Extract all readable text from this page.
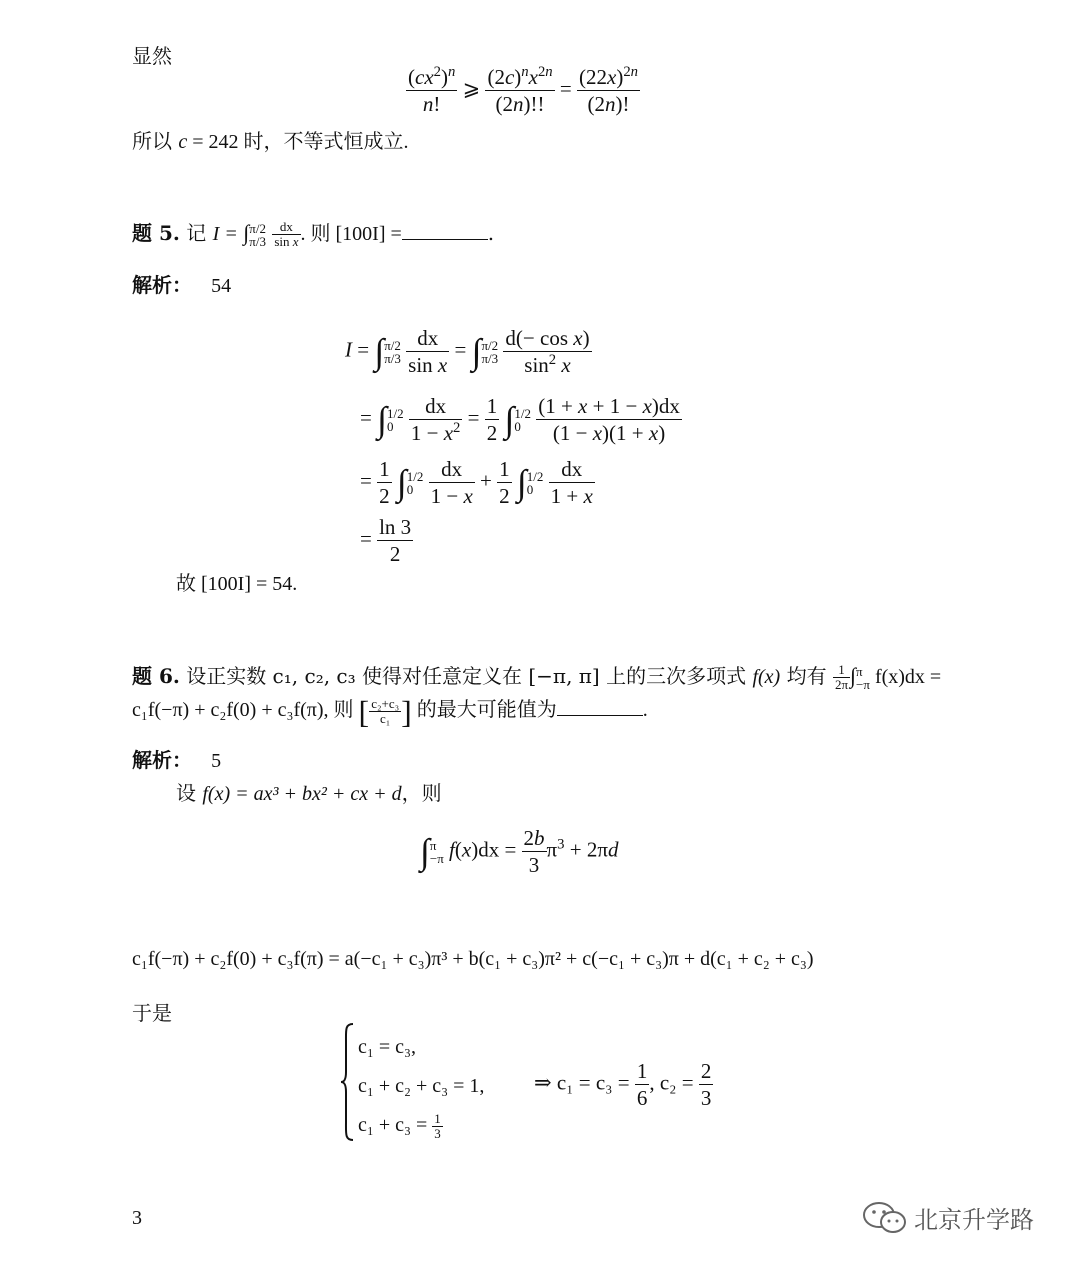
显然
$\frac{(cx^2)^n}{n!}$ ⩾ $\frac{(2c)^nx^{2n}}{(2n)!!} = \frac{(22x)^{2n}}{(2n)!}$
所以 c = 242 时，不等式恒成立.
题 5. 记 I = ∫ π/2
π/3
$\frac{dx}{\text{sin x}}$ . 则 [100I] =	.
解析： 54
I = ∫ π/2
π/3
$\frac{dx}{\text{sin x}}$ = ∫ π/2
π/3
$\frac{\text{d(− cos x)}}{\sin^2 x}$
= ∫ 1/2
0
$\frac{dx}{1 - x^2} = \frac{1}{2}$ ∫ 1/2
0
$\frac{(1 + x + 1 - x)dx}{(1 - x)(1 + x)}$
= $\frac{1}{2}$ ∫ 1/2
0
$\frac{dx}{1 - x} + \frac{1}{2}$ ∫ 1/2
0
$\frac{dx}{1 + x}$
= $\frac{\ln 3}{2}$
故 [100I] = 54.
题 6. 设正实数 c₁, c₂, c₃ 使得对任意定义在 [−π, π] 上的三次多项式 f(x) 均有 $\frac{1}{2\pi}$ ∫ π
−π f(x)dx =
c₁f(−π) + c₂f(0) + c₃f(π), 则 [ $\frac{\text{c₂+c₃}}{\text{c₁}}$ ] 的最大可能值为	.
解析： 5
设 f(x) = ax³ + bx² + cx + d，则
∫ π
−π $f(x)dx = \frac{2b}{3} \pi^3 + 2\pi d$
c₁f(−π) + c₂f(0) + c₃f(π) = a(−c₁ + c₃)π³ + b(c₁ + c₃)π² + c(−c₁ + c₃)π + d(c₁ + c₂ + c₃)
于是
c₁ = c₃,
c₁ + c₂ + c₃ = 1,
$c_1 + c_3 = \frac{1}{3}$
⇒ $c_1 = c_3 = \frac{1}{6}$ , $c_2 = \frac{2}{3}$
3	北京升学路
